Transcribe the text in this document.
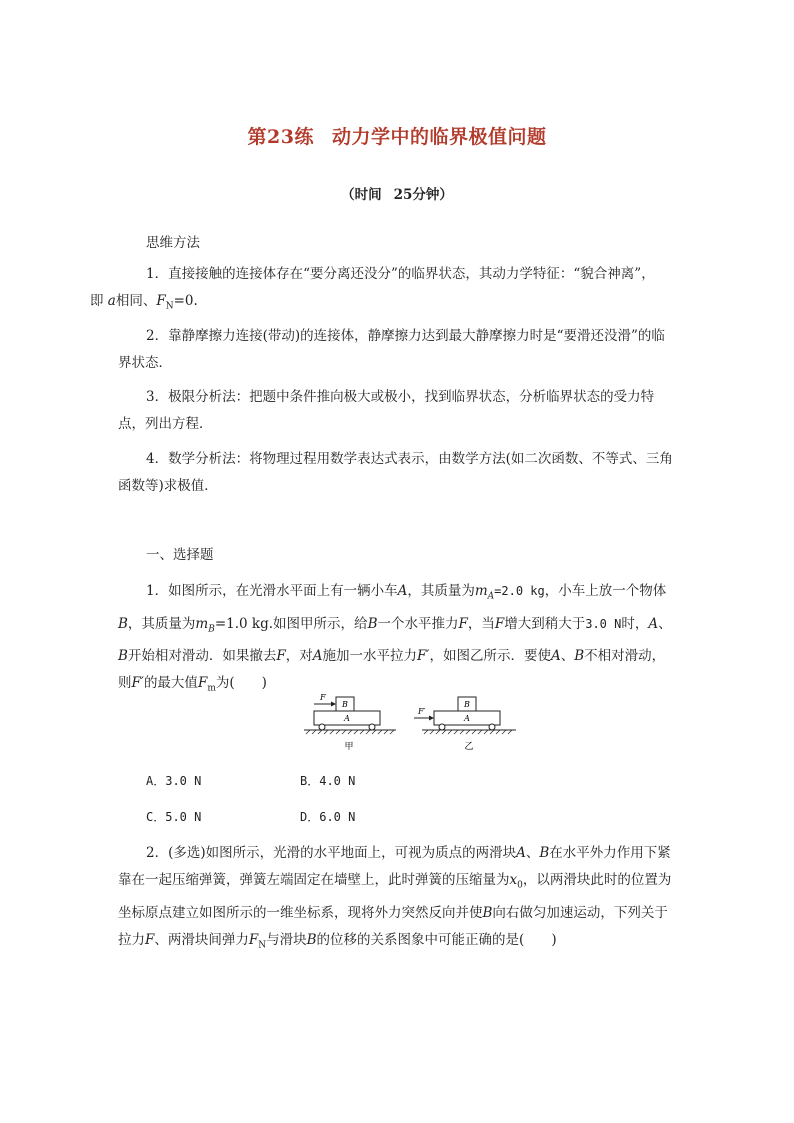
第23练 动力学中的临界极值问题
（时间 25分钟）
思维方法

1．直接接触的连接体存在“要分离还没分”的临界状态，其动力学特征：“貌合神离”，
即 a相同、$F_N=0$.

2．靠静摩擦力连接(带动)的连接体，静摩擦力达到最大静摩擦力时是“要滑还没滑”的临界状态．

3．极限分析法：把题中条件推向极大或极小，找到临界状态，分析临界状态的受力特点，列出方程．

4．数学分析法：将物理过程用数学表达式表示，由数学方法(如二次函数、不等式、三角函数等)求极值．

一、选择题

1．如图所示，在光滑水平面上有一辆小车A，其质量为$m_A=2.0$ kg，小车上放一个物体B，其质量为$m_B=1.0$ kg.如图甲所示，给B一个水平推力F，当F增大到稍大于3.0 N时，A、B开始相对滑动．如果撤去F，对A施加一水平拉力F′，如图乙所示．要使A、B不相对滑动，则F′的最大值$F_m$为(　　)

F
B
A
甲
F′
B
A
乙
A．3.0 N	B．4.0 N
C．5.0 N	D．6.0 N

2．(多选)如图所示，光滑的水平地面上，可视为质点的两滑块A、B在水平外力作用下紧靠在一起压缩弹簧，弹簧左端固定在墙壁上，此时弹簧的压缩量为$x_0$，以两滑块此时的位置为坐标原点建立如图所示的一维坐标系，现将外力突然反向并使B向右做匀加速运动，下列关于拉力F、两滑块间弹力$F_N$与滑块B的位移的关系图象中可能正确的是(　　)
